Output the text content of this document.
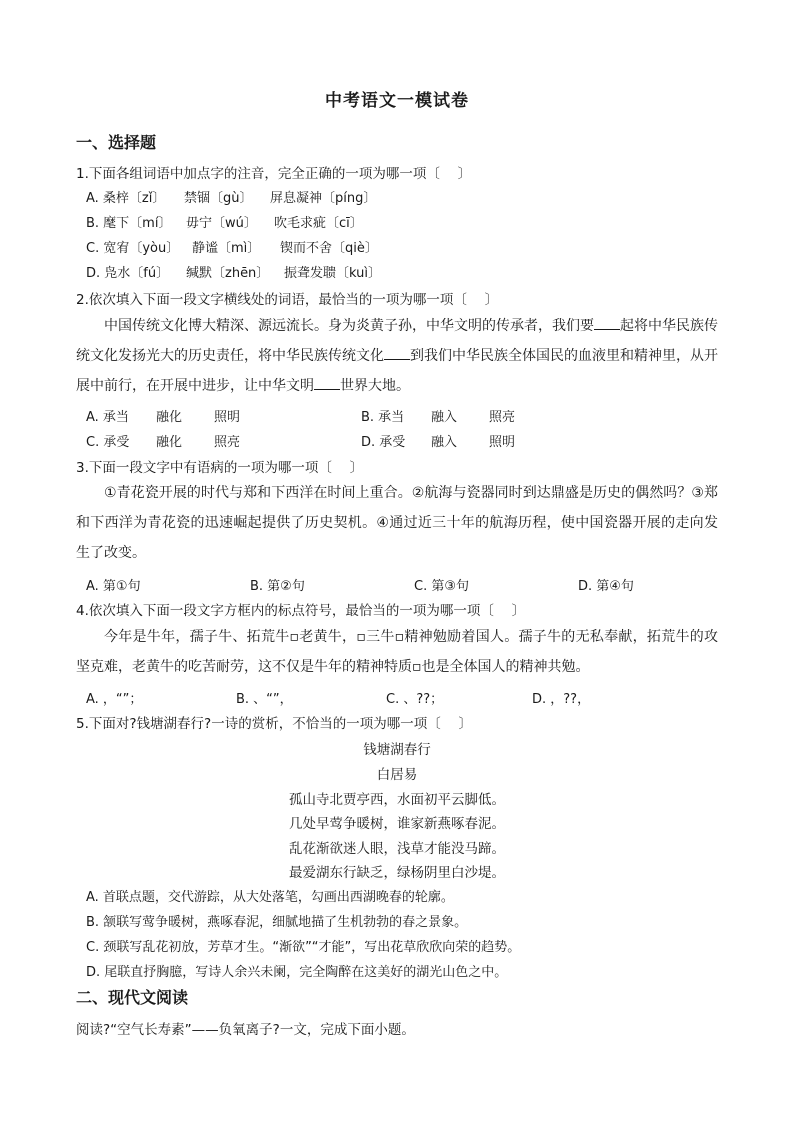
中考语文一模试卷
一、选择题
1.下面各组词语中加点字的注音，完全正确的一项为哪一项〔 　〕
A. 桑梓〔zǐ〕 禁锢〔gù〕 屏息凝神〔píng〕
B. 麾下〔mí〕 毋宁〔wú〕 吹毛求疵〔cī〕
C. 宽宥〔yòu〕 静谧〔mì〕 锲而不舍〔qiè〕
D. 凫水〔fú〕 缄默〔zhēn〕 振聋发聩〔kuì〕
2.依次填入下面一段文字横线处的词语，最恰当的一项为哪一项〔 　〕
中国传统文化博大精深、源远流长。身为炎黄子孙，中华文明的传承者，我们要 起将中华民族传统文化发扬光大的历史责任，将中华民族传统文化 到我们中华民族全体国民的血液里和精神里，从开展中前行，在开展中进步，让中华文明 世界大地。
A. 承当 融化 照明	B. 承当 融入 照亮
C. 承受 融化 照亮	D. 承受 融入 照明
3.下面一段文字中有语病的一项为哪一项〔 　〕
①青花瓷开展的时代与郑和下西洋在时间上重合。②航海与瓷器同时到达鼎盛是历史的偶然吗？③郑和下西洋为青花瓷的迅速崛起提供了历史契机。④通过近三十年的航海历程，使中国瓷器开展的走向发生了改变。
A. 第①句	B. 第②句	C. 第③句	D. 第④句
4.依次填入下面一段文字方框内的标点符号，最恰当的一项为哪一项〔 　〕
今年是牛年，孺子牛、拓荒牛▫老黄牛，▫三牛▫精神勉励着国人。孺子牛的无私奉献，拓荒牛的攻坚克难，老黄牛的吃苦耐劳，这不仅是牛年的精神特质▫也是全体国人的精神共勉。
A. ，“”；	B. 、“”，	C. 、??；	D. ，??，
5.下面对?钱塘湖春行?一诗的赏析，不恰当的一项为哪一项〔 　〕
钱塘湖春行
白居易
孤山寺北贾亭西，水面初平云脚低。
几处早莺争暖树，谁家新燕啄春泥。
乱花渐欲迷人眼，浅草才能没马蹄。
最爱湖东行缺乏，绿杨阴里白沙堤。
A. 首联点题，交代游踪，从大处落笔，勾画出西湖晚春的轮廓。
B. 颔联写莺争暖树，燕啄春泥，细腻地描了生机勃勃的春之景象。
C. 颈联写乱花初放，芳草才生。“渐欲”“才能”，写出花草欣欣向荣的趋势。
D. 尾联直抒胸臆，写诗人余兴未阑，完全陶醉在这美好的湖光山色之中。
二、现代文阅读
阅读?“空气长寿素”——负氧离子?一文，完成下面小题。
